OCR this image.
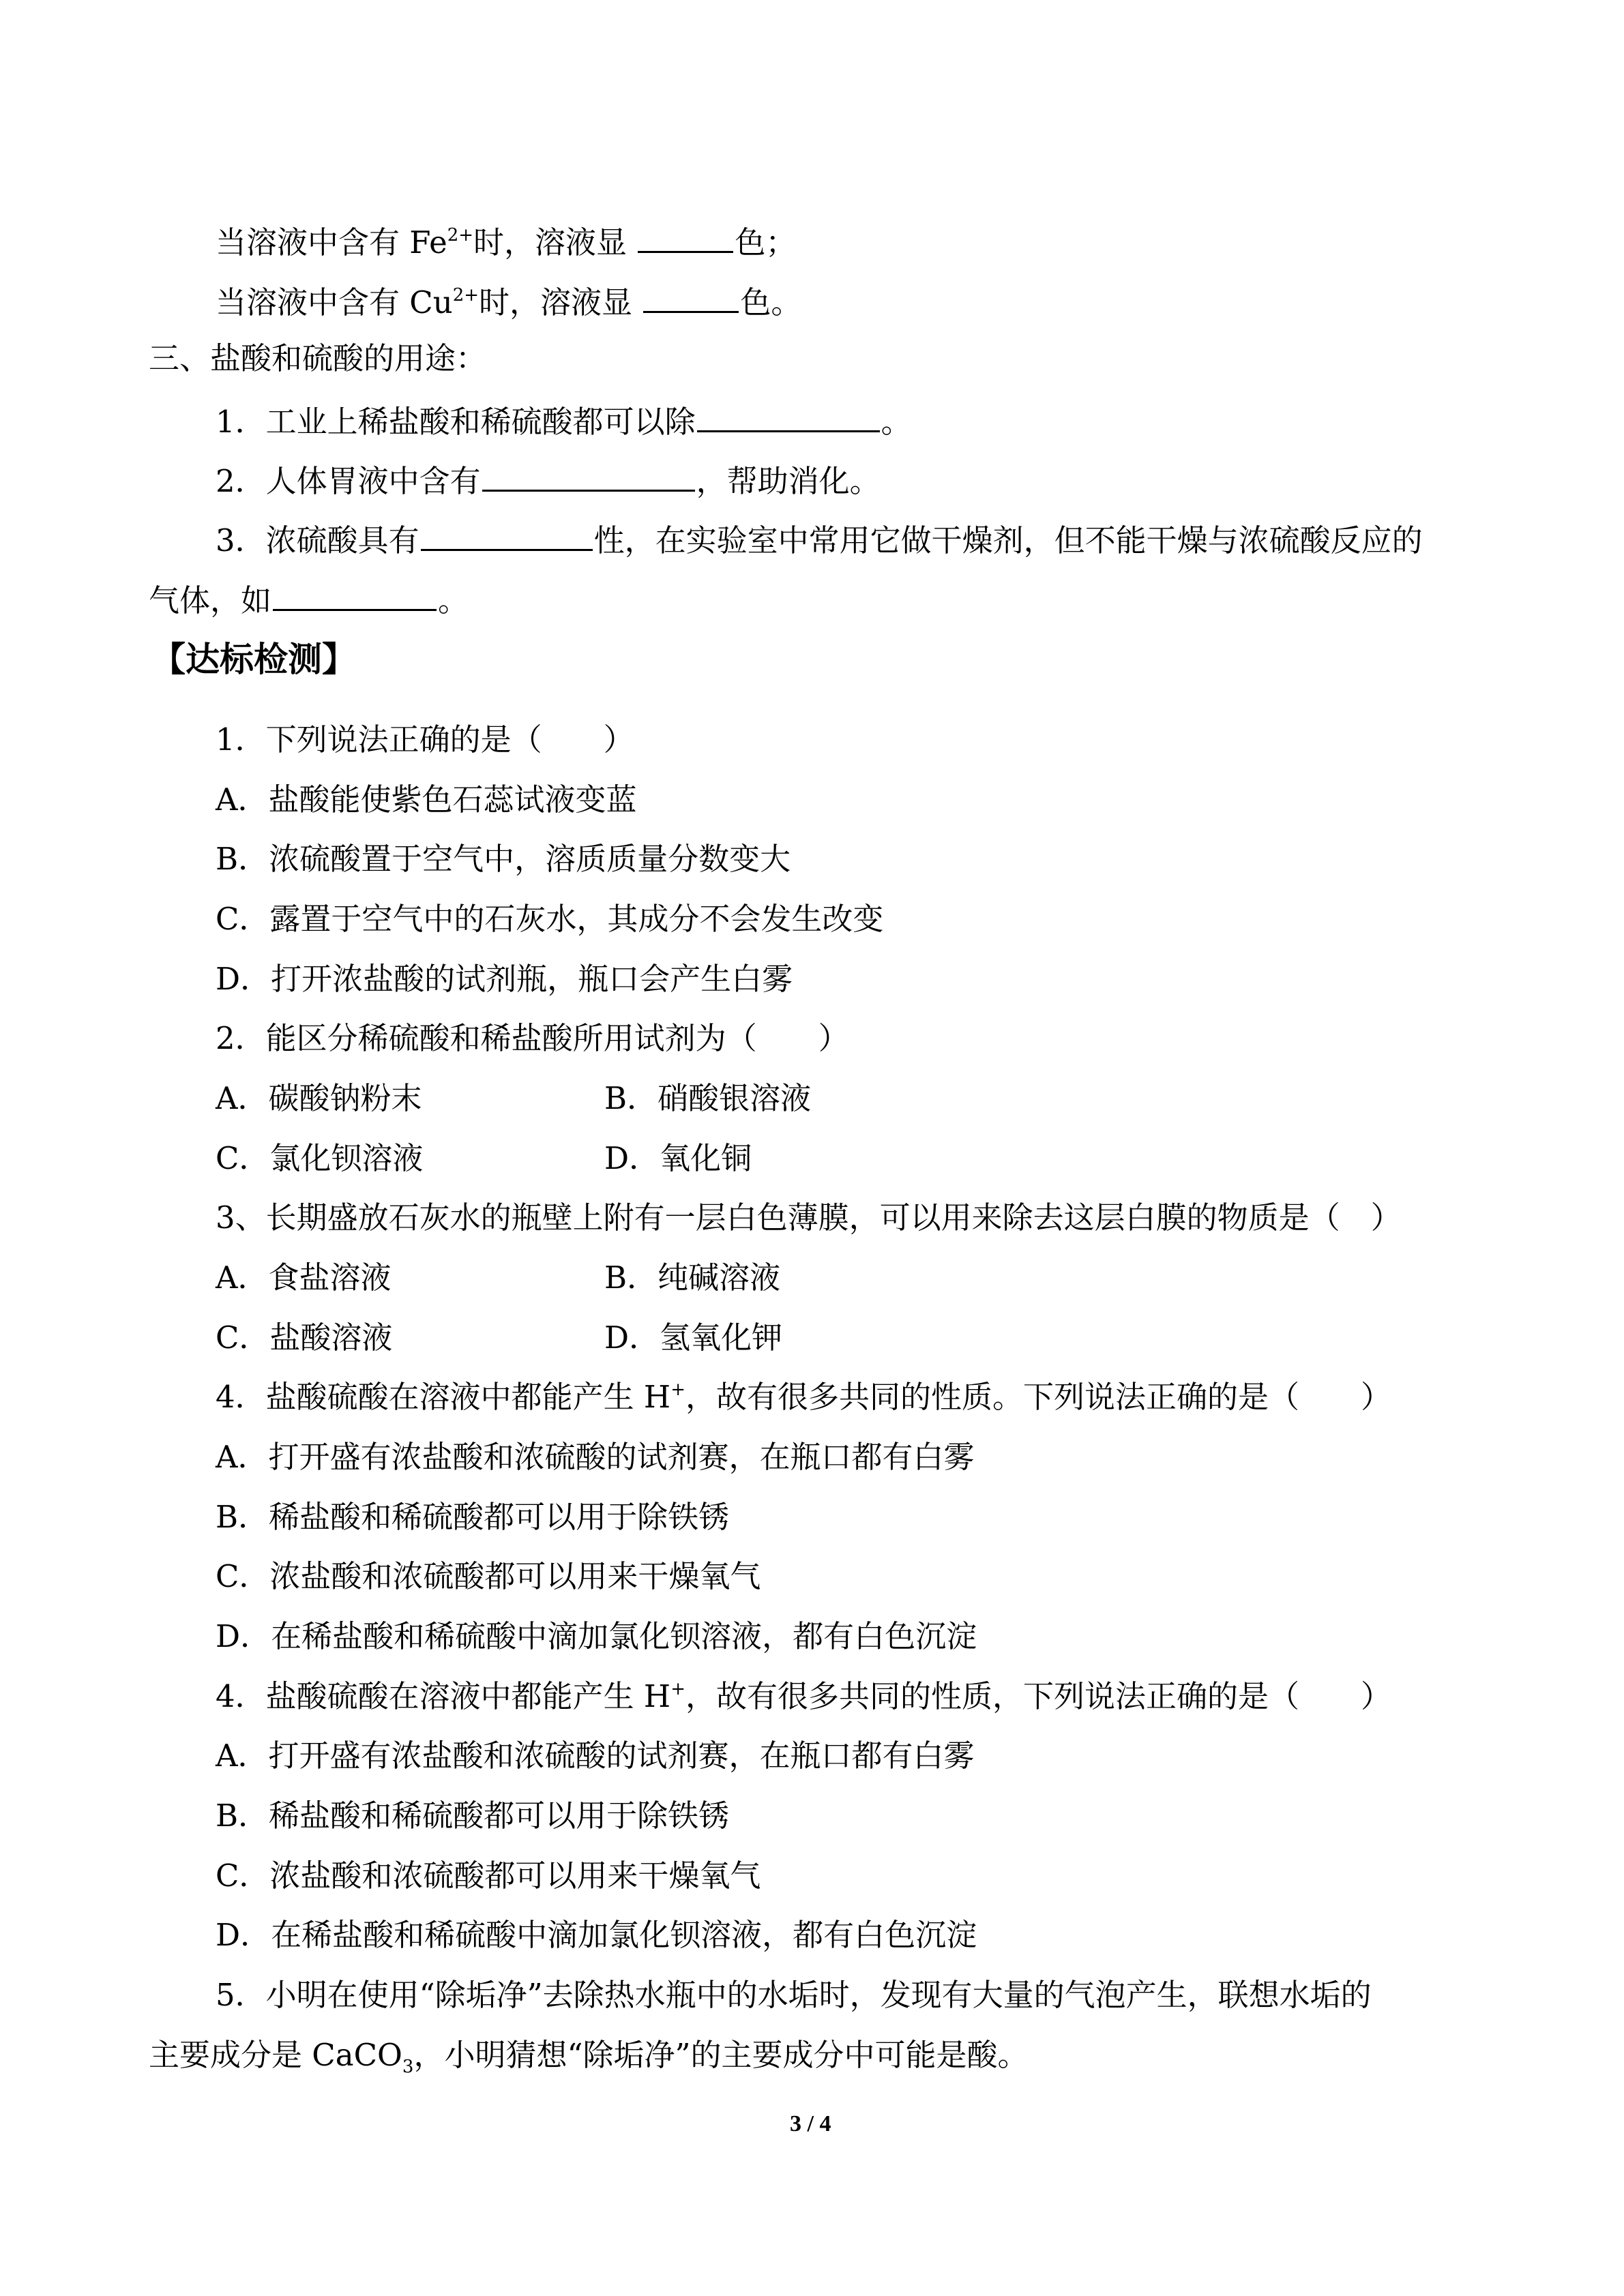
当溶液中含有 $Fe^{2+}$时，溶液显	色；
当溶液中含有 $Cu^{2+}$时，溶液显	色。
三、盐酸和硫酸的用途：
1．工业上稀盐酸和稀硫酸都可以除	。
2．人体胃液中含有	，帮助消化。
3．浓硫酸具有	性，在实验室中常用它做干燥剂，但不能干燥与浓硫酸反应的
气体，如	。
【达标检测】
1．下列说法正确的是（　　）
A．盐酸能使紫色石蕊试液变蓝
B．浓硫酸置于空气中，溶质质量分数变大
C．露置于空气中的石灰水，其成分不会发生改变
D．打开浓盐酸的试剂瓶，瓶口会产生白雾
2．能区分稀硫酸和稀盐酸所用试剂为（　　）
A．碳酸钠粉末	B．硝酸银溶液
C．氯化钡溶液	D．氧化铜
3、长期盛放石灰水的瓶壁上附有一层白色薄膜，可以用来除去这层白膜的物质是（　）
A．食盐溶液	B．纯碱溶液
C．盐酸溶液	D．氢氧化钾
4．盐酸硫酸在溶液中都能产生 H+，故有很多共同的性质。下列说法正确的是（　　）
A．打开盛有浓盐酸和浓硫酸的试剂赛，在瓶口都有白雾
B．稀盐酸和稀硫酸都可以用于除铁锈
C．浓盐酸和浓硫酸都可以用来干燥氧气
D．在稀盐酸和稀硫酸中滴加氯化钡溶液，都有白色沉淀
4．盐酸硫酸在溶液中都能产生 H+，故有很多共同的性质，下列说法正确的是（　　）
A．打开盛有浓盐酸和浓硫酸的试剂赛，在瓶口都有白雾
B．稀盐酸和稀硫酸都可以用于除铁锈
C．浓盐酸和浓硫酸都可以用来干燥氧气
D．在稀盐酸和稀硫酸中滴加氯化钡溶液，都有白色沉淀
5．小明在使用“除垢净”去除热水瓶中的水垢时，发现有大量的气泡产生，联想水垢的
主要成分是 CaCO$_3$，小明猜想“除垢净”的主要成分中可能是酸。
3 / 4
